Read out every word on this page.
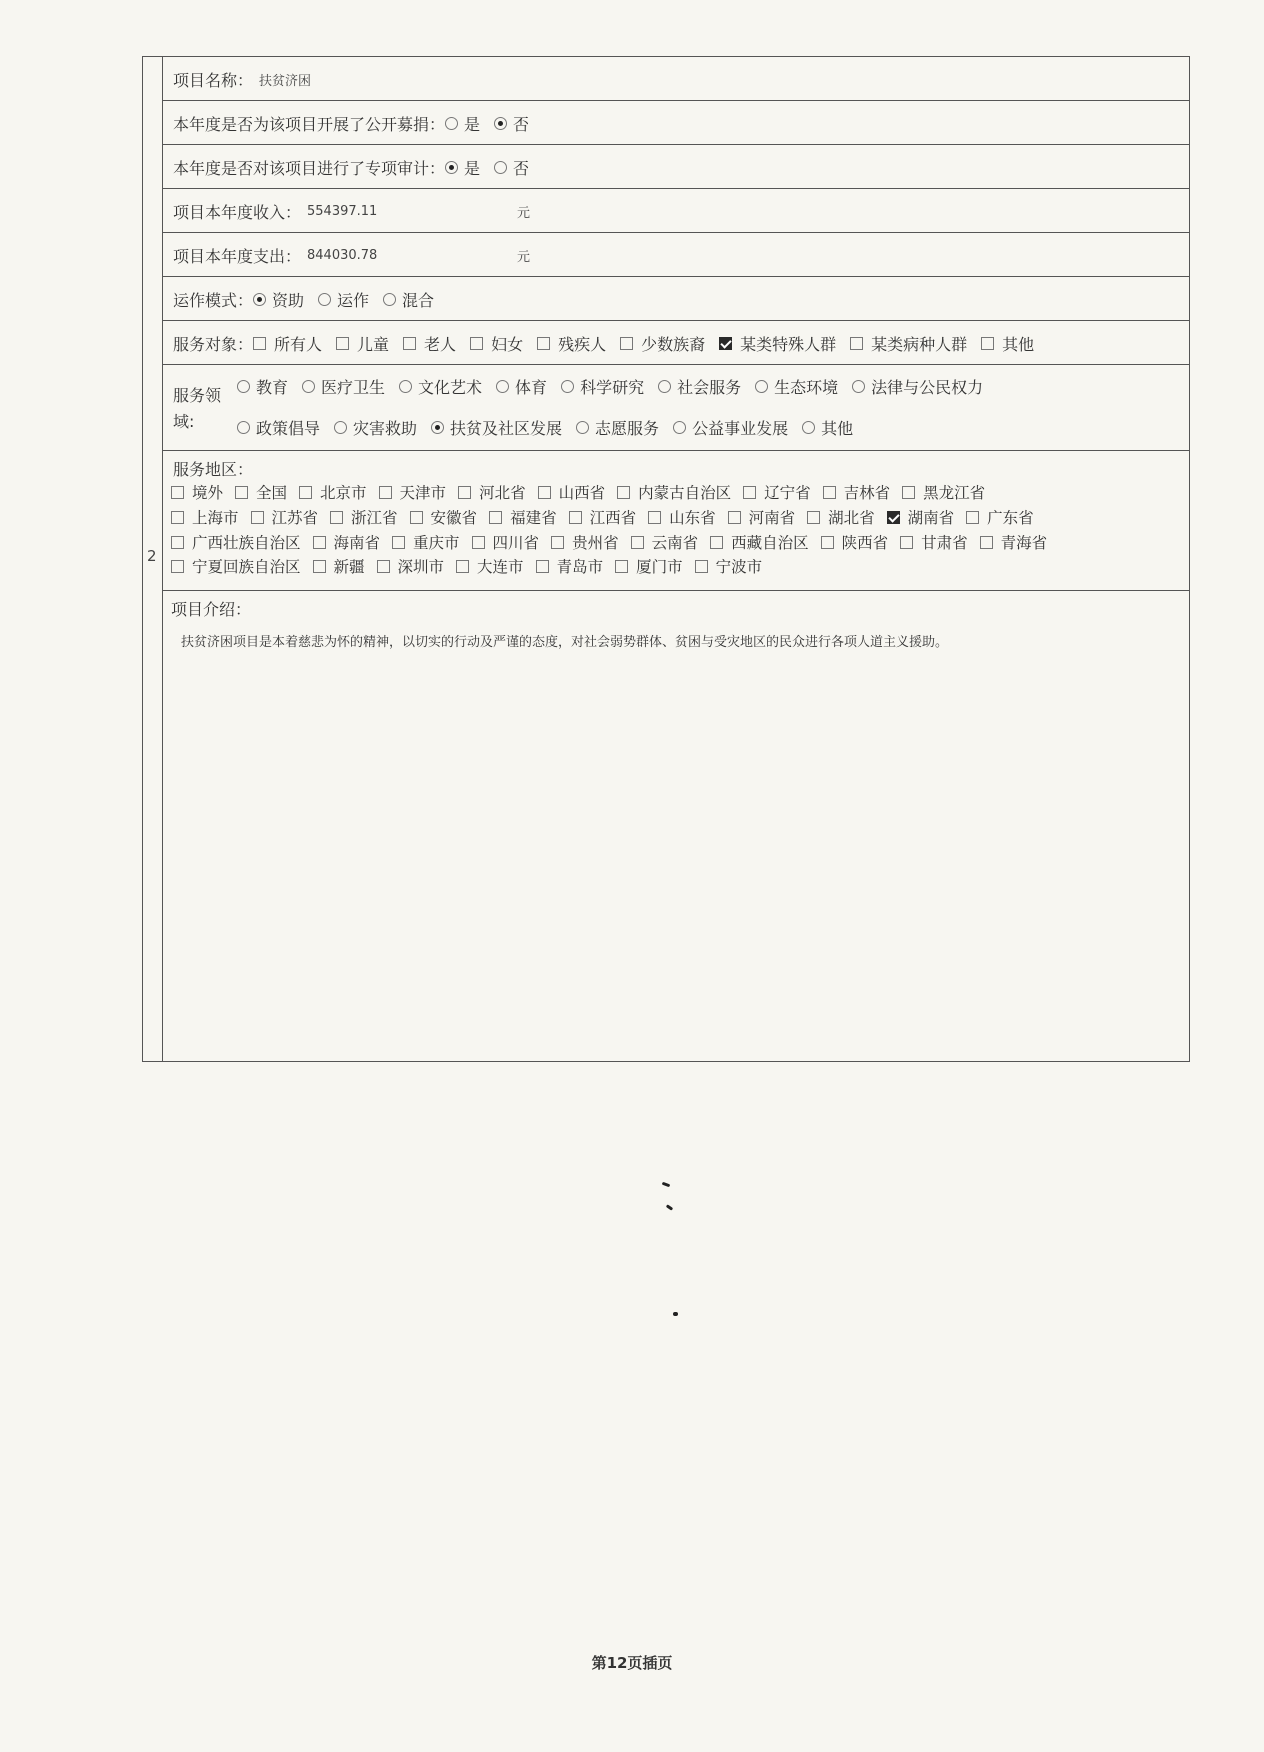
2
项目名称： 扶贫济困
本年度是否为该项目开展了公开募捐： 是 否
本年度是否对该项目进行了专项审计： 是 否
项目本年度收入： 554397.11	元
项目本年度支出： 844030.78	元
运作模式： 资助 运作 混合
服务对象： 所有人 儿童 老人 妇女 残疾人 少数族裔 某类特殊人群 某类病种人群 其他
服务领
域:
教育 医疗卫生 文化艺术 体育 科学研究 社会服务 生态环境 法律与公民权力
政策倡导 灾害救助 扶贫及社区发展 志愿服务 公益事业发展 其他
服务地区：
境外 全国 北京市 天津市 河北省 山西省 内蒙古自治区 辽宁省 吉林省 黑龙江省
上海市 江苏省 浙江省 安徽省 福建省 江西省 山东省 河南省 湖北省 湖南省 广东省
广西壮族自治区 海南省 重庆市 四川省 贵州省 云南省 西藏自治区 陕西省 甘肃省 青海省
宁夏回族自治区 新疆 深圳市 大连市 青岛市 厦门市 宁波市
项目介绍：
扶贫济困项目是本着慈悲为怀的精神，以切实的行动及严谨的态度，对社会弱势群体、贫困与受灾地区的民众进行各项人道主义援助。
第12页插页
